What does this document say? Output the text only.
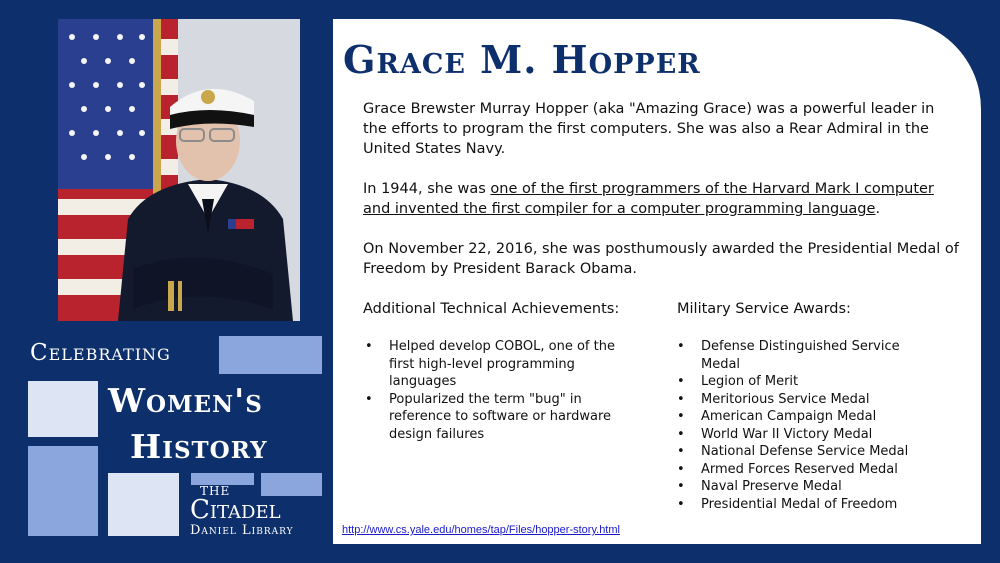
Grace M. Hopper

Grace Brewster Murray Hopper (aka "Amazing Grace) was a powerful leader in the efforts to program the first computers. She was also a Rear Admiral in the United States Navy.

In 1944, she was one of the first programmers of the Harvard Mark I computer and invented the first compiler for a computer programming language.

On November 22, 2016, she was posthumously awarded the Presidential Medal of Freedom by President Barack Obama.

Additional Technical Achievements:	Military Service Awards:

• Helped develop COBOL, one of the first high-level programming languages
• Popularized the term "bug" in reference to software or hardware design failures
• Defense Distinguished Service Medal
• Legion of Merit
• Meritorious Service Medal
• American Campaign Medal
• World War II Victory Medal
• National Defense Service Medal
• Armed Forces Reserved Medal
• Naval Preserve Medal
• Presidential Medal of Freedom
http://www.cs.yale.edu/homes/tap/Files/hopper-story.html
Celebrating
Women's
History
THE
Citadel
Daniel Library
